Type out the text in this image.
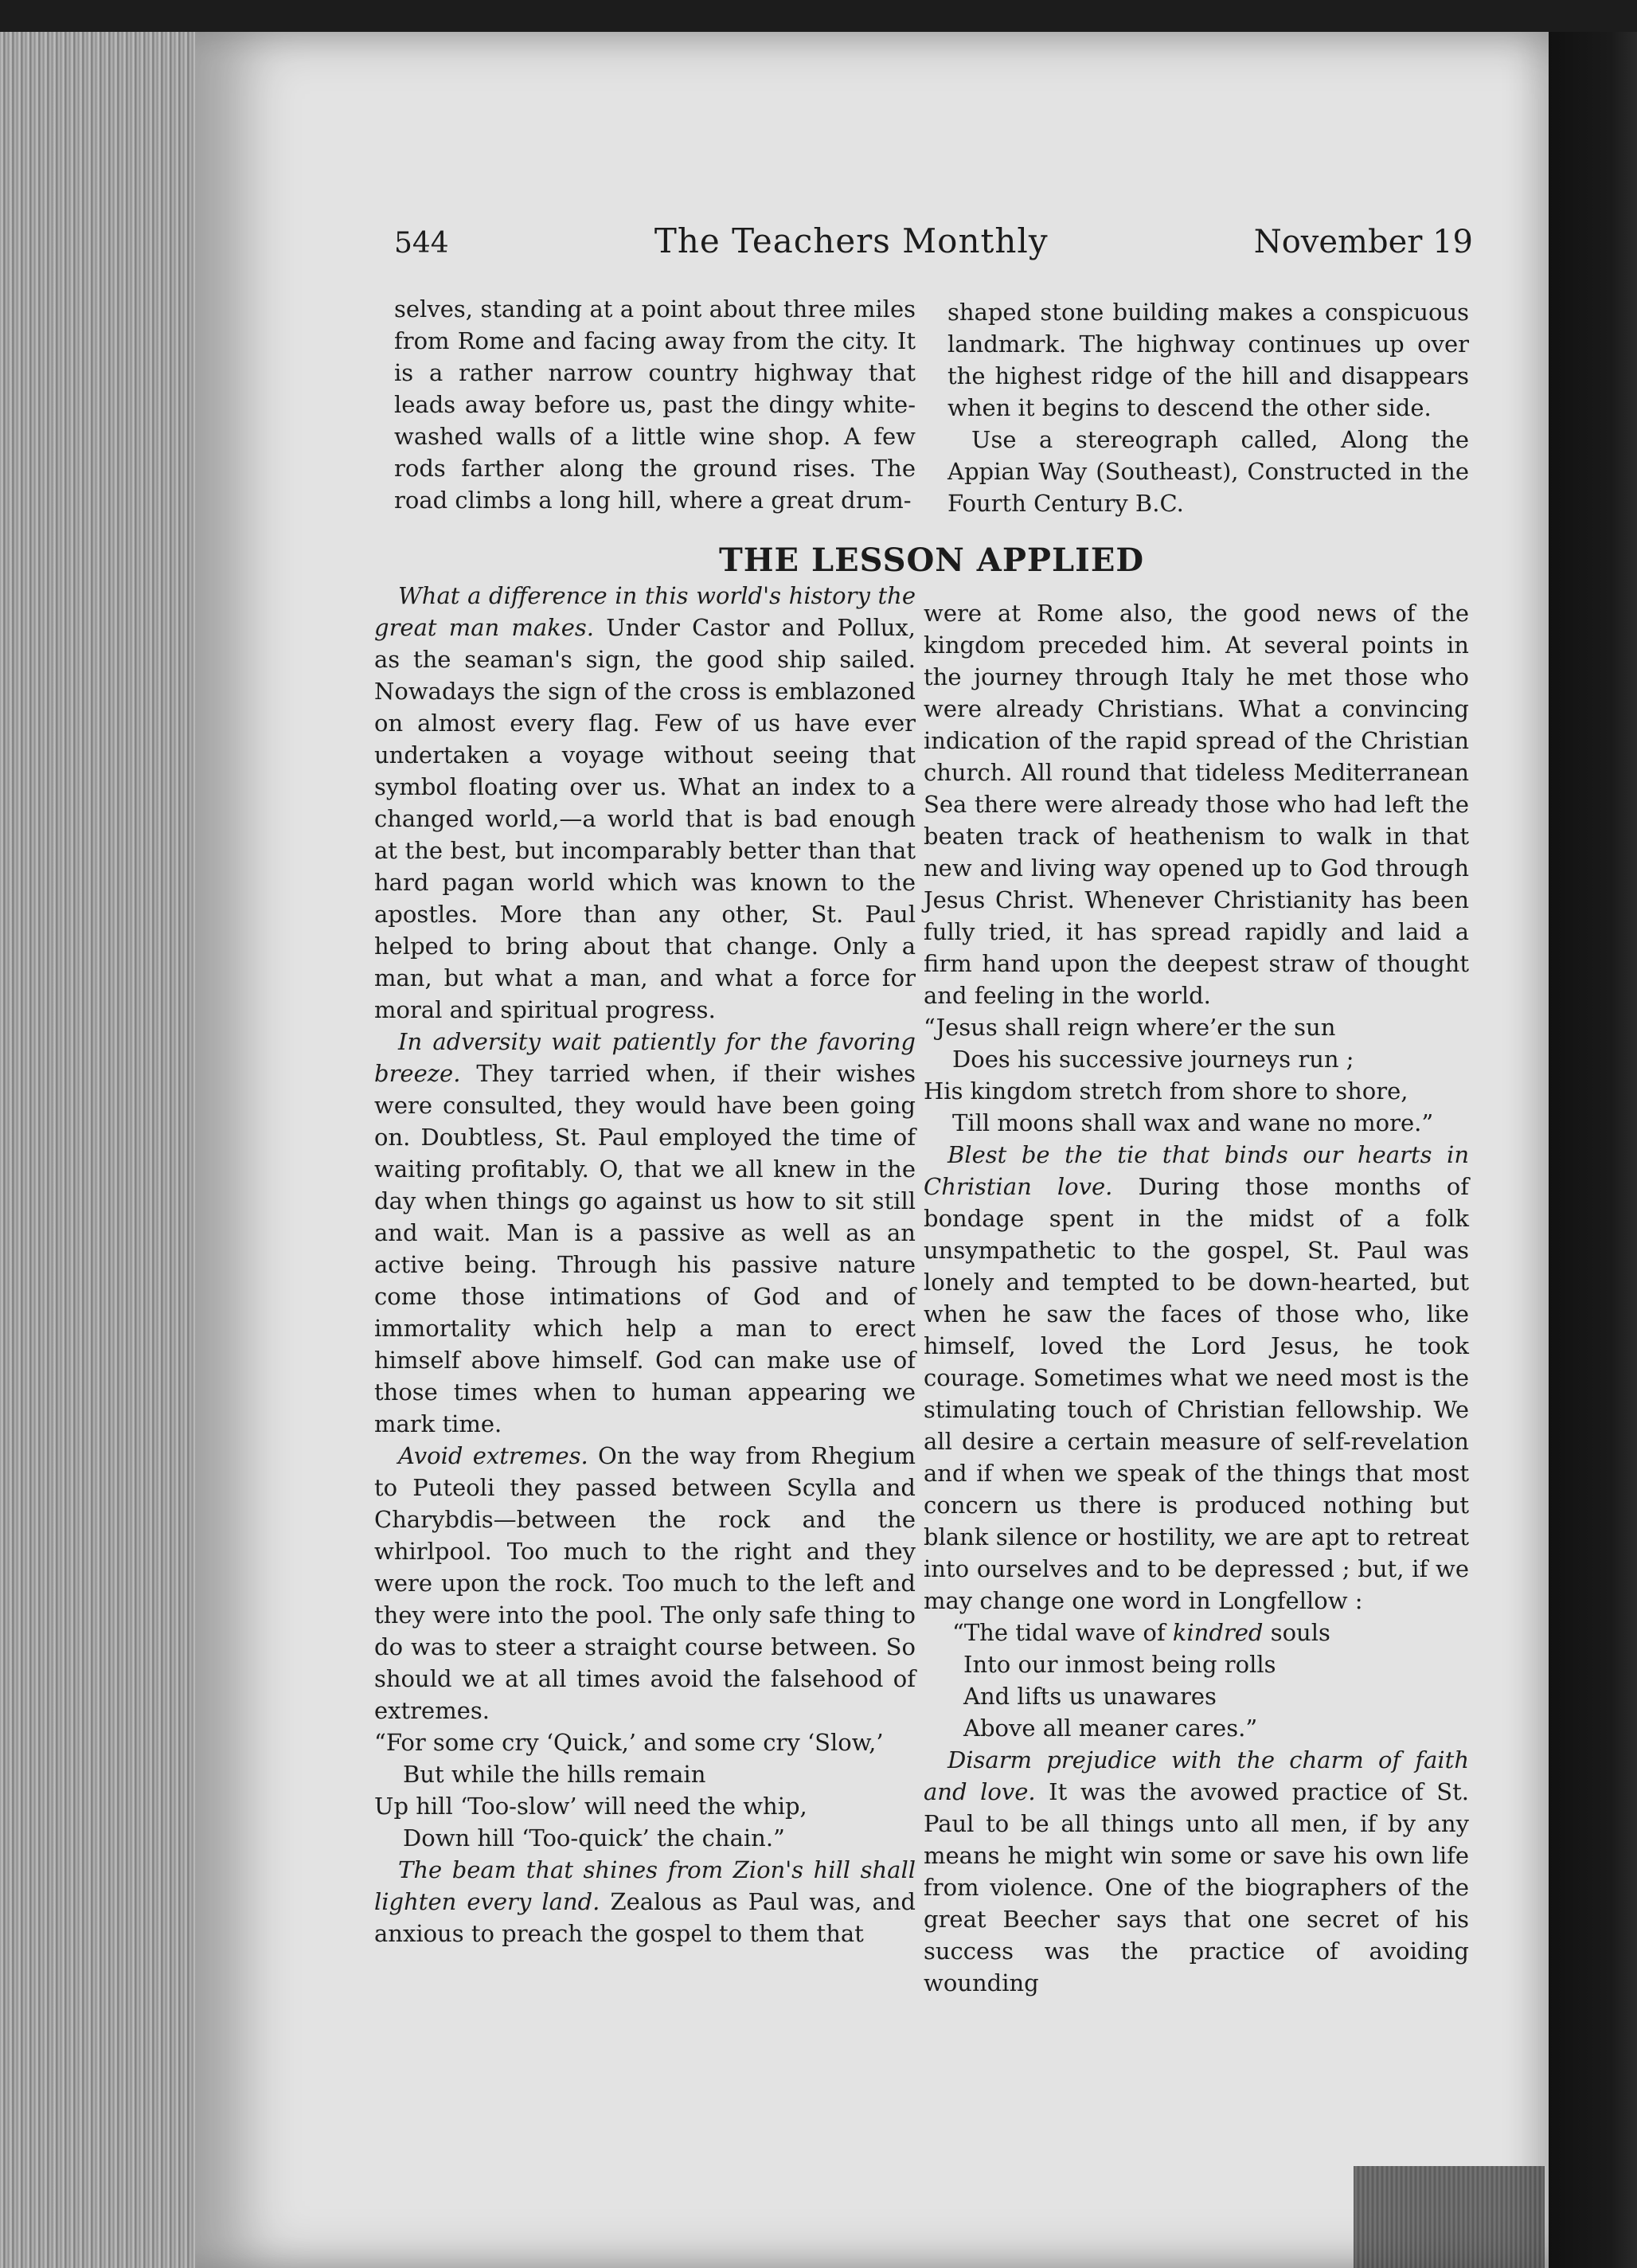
544	The Teachers Monthly	November 19

selves, standing at a point about three miles from Rome and facing away from the city. It is a rather narrow country highway that leads away before us, past the dingy white-washed walls of a little wine shop. A few rods farther along the ground rises. The road climbs a long hill, where a great drum-

shaped stone building makes a conspicuous landmark. The highway continues up over the highest ridge of the hill and disappears when it begins to descend the other side.

Use a stereograph called, Along the Appian Way (Southeast), Constructed in the Fourth Century B.C.

THE LESSON APPLIED

What a difference in this world's history the great man makes. Under Castor and Pollux, as the seaman's sign, the good ship sailed. Nowadays the sign of the cross is emblazoned on almost every flag. Few of us have ever undertaken a voyage without seeing that symbol floating over us. What an index to a changed world,—a world that is bad enough at the best, but incomparably better than that hard pagan world which was known to the apostles. More than any other, St. Paul helped to bring about that change. Only a man, but what a man, and what a force for moral and spiritual progress.

In adversity wait patiently for the favoring breeze. They tarried when, if their wishes were consulted, they would have been going on. Doubtless, St. Paul employed the time of waiting profitably. O, that we all knew in the day when things go against us how to sit still and wait. Man is a passive as well as an active being. Through his passive nature come those intimations of God and of immortality which help a man to erect himself above himself. God can make use of those times when to human appearing we mark time.

Avoid extremes. On the way from Rhegium to Puteoli they passed between Scylla and Charybdis—between the rock and the whirlpool. Too much to the right and they were upon the rock. Too much to the left and they were into the pool. The only safe thing to do was to steer a straight course between. So should we at all times avoid the falsehood of extremes.

“For some cry ‘Quick,’ and some cry ‘Slow,’
But while the hills remain
Up hill ‘Too-slow’ will need the whip,
Down hill ‘Too-quick’ the chain.”

The beam that shines from Zion's hill shall lighten every land. Zealous as Paul was, and anxious to preach the gospel to them that

were at Rome also, the good news of the kingdom preceded him. At several points in the journey through Italy he met those who were already Christians. What a convincing indication of the rapid spread of the Christian church. All round that tideless Mediterranean Sea there were already those who had left the beaten track of heathenism to walk in that new and living way opened up to God through Jesus Christ. Whenever Christianity has been fully tried, it has spread rapidly and laid a firm hand upon the deepest straw of thought and feeling in the world.

“Jesus shall reign where’er the sun
Does his successive journeys run ;
His kingdom stretch from shore to shore,
Till moons shall wax and wane no more.”

Blest be the tie that binds our hearts in Christian love. During those months of bondage spent in the midst of a folk unsympathetic to the gospel, St. Paul was lonely and tempted to be down-hearted, but when he saw the faces of those who, like himself, loved the Lord Jesus, he took courage. Sometimes what we need most is the stimulating touch of Christian fellowship. We all desire a certain measure of self-revelation and if when we speak of the things that most concern us there is produced nothing but blank silence or hostility, we are apt to retreat into ourselves and to be depressed ; but, if we may change one word in Longfellow :

“The tidal wave of kindred souls
Into our inmost being rolls
And lifts us unawares
Above all meaner cares.”

Disarm prejudice with the charm of faith and love. It was the avowed practice of St. Paul to be all things unto all men, if by any means he might win some or save his own life from violence. One of the biographers of the great Beecher says that one secret of his success was the practice of avoiding wounding
